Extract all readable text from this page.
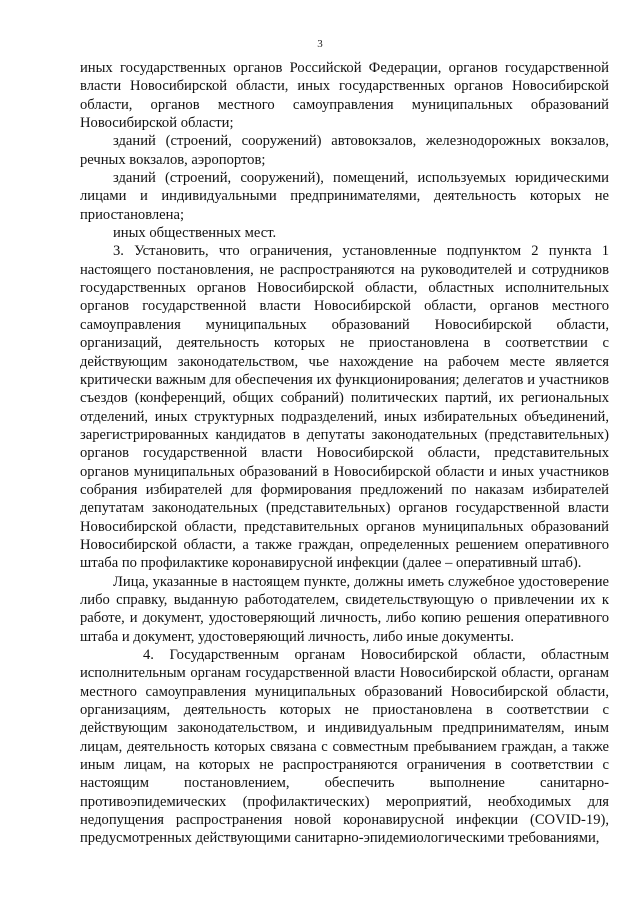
3

иных государственных органов Российской Федерации, органов государственной власти Новосибирской области, иных государственных органов Новосибирской области, органов местного самоуправления муниципальных образований Новосибирской области;

зданий (строений, сооружений) автовокзалов, железнодорожных вокзалов, речных вокзалов, аэропортов;

зданий (строений, сооружений), помещений, используемых юридическими лицами и индивидуальными предпринимателями, деятельность которых не приостановлена;

иных общественных мест.

3. Установить, что ограничения, установленные подпунктом 2 пункта 1 настоящего постановления, не распространяются на руководителей и сотрудников государственных органов Новосибирской области, областных исполнительных органов государственной власти Новосибирской области, органов местного самоуправления муниципальных образований Новосибирской области, организаций, деятельность которых не приостановлена в соответствии с действующим законодательством, чье нахождение на рабочем месте является критически важным для обеспечения их функционирования; делегатов и участников съездов (конференций, общих собраний) политических партий, их региональных отделений, иных структурных подразделений, иных избирательных объединений, зарегистрированных кандидатов в депутаты законодательных (представительных) органов государственной власти Новосибирской области, представительных органов муниципальных образований в Новосибирской области и иных участников собрания избирателей для формирования предложений по наказам избирателей депутатам законодательных (представительных) органов государственной власти Новосибирской области, представительных органов муниципальных образований Новосибирской области, а также граждан, определенных решением оперативного штаба по профилактике коронавирусной инфекции (далее – оперативный штаб).

Лица, указанные в настоящем пункте, должны иметь служебное удостоверение либо справку, выданную работодателем, свидетельствующую о привлечении их к работе, и документ, удостоверяющий личность, либо копию решения оперативного штаба и документ, удостоверяющий личность, либо иные документы.

4. Государственным органам Новосибирской области, областным исполнительным органам государственной власти Новосибирской области, органам местного самоуправления муниципальных образований Новосибирской области, организациям, деятельность которых не приостановлена в соответствии с действующим законодательством, и индивидуальным предпринимателям, иным лицам, деятельность которых связана с совместным пребыванием граждан, а также иным лицам, на которых не распространяются ограничения в соответствии с настоящим постановлением, обеспечить выполнение санитарно-противоэпидемических (профилактических) мероприятий, необходимых для недопущения распространения новой коронавирусной инфекции (COVID-19), предусмотренных действующими санитарно-эпидемиологическими требованиями,
